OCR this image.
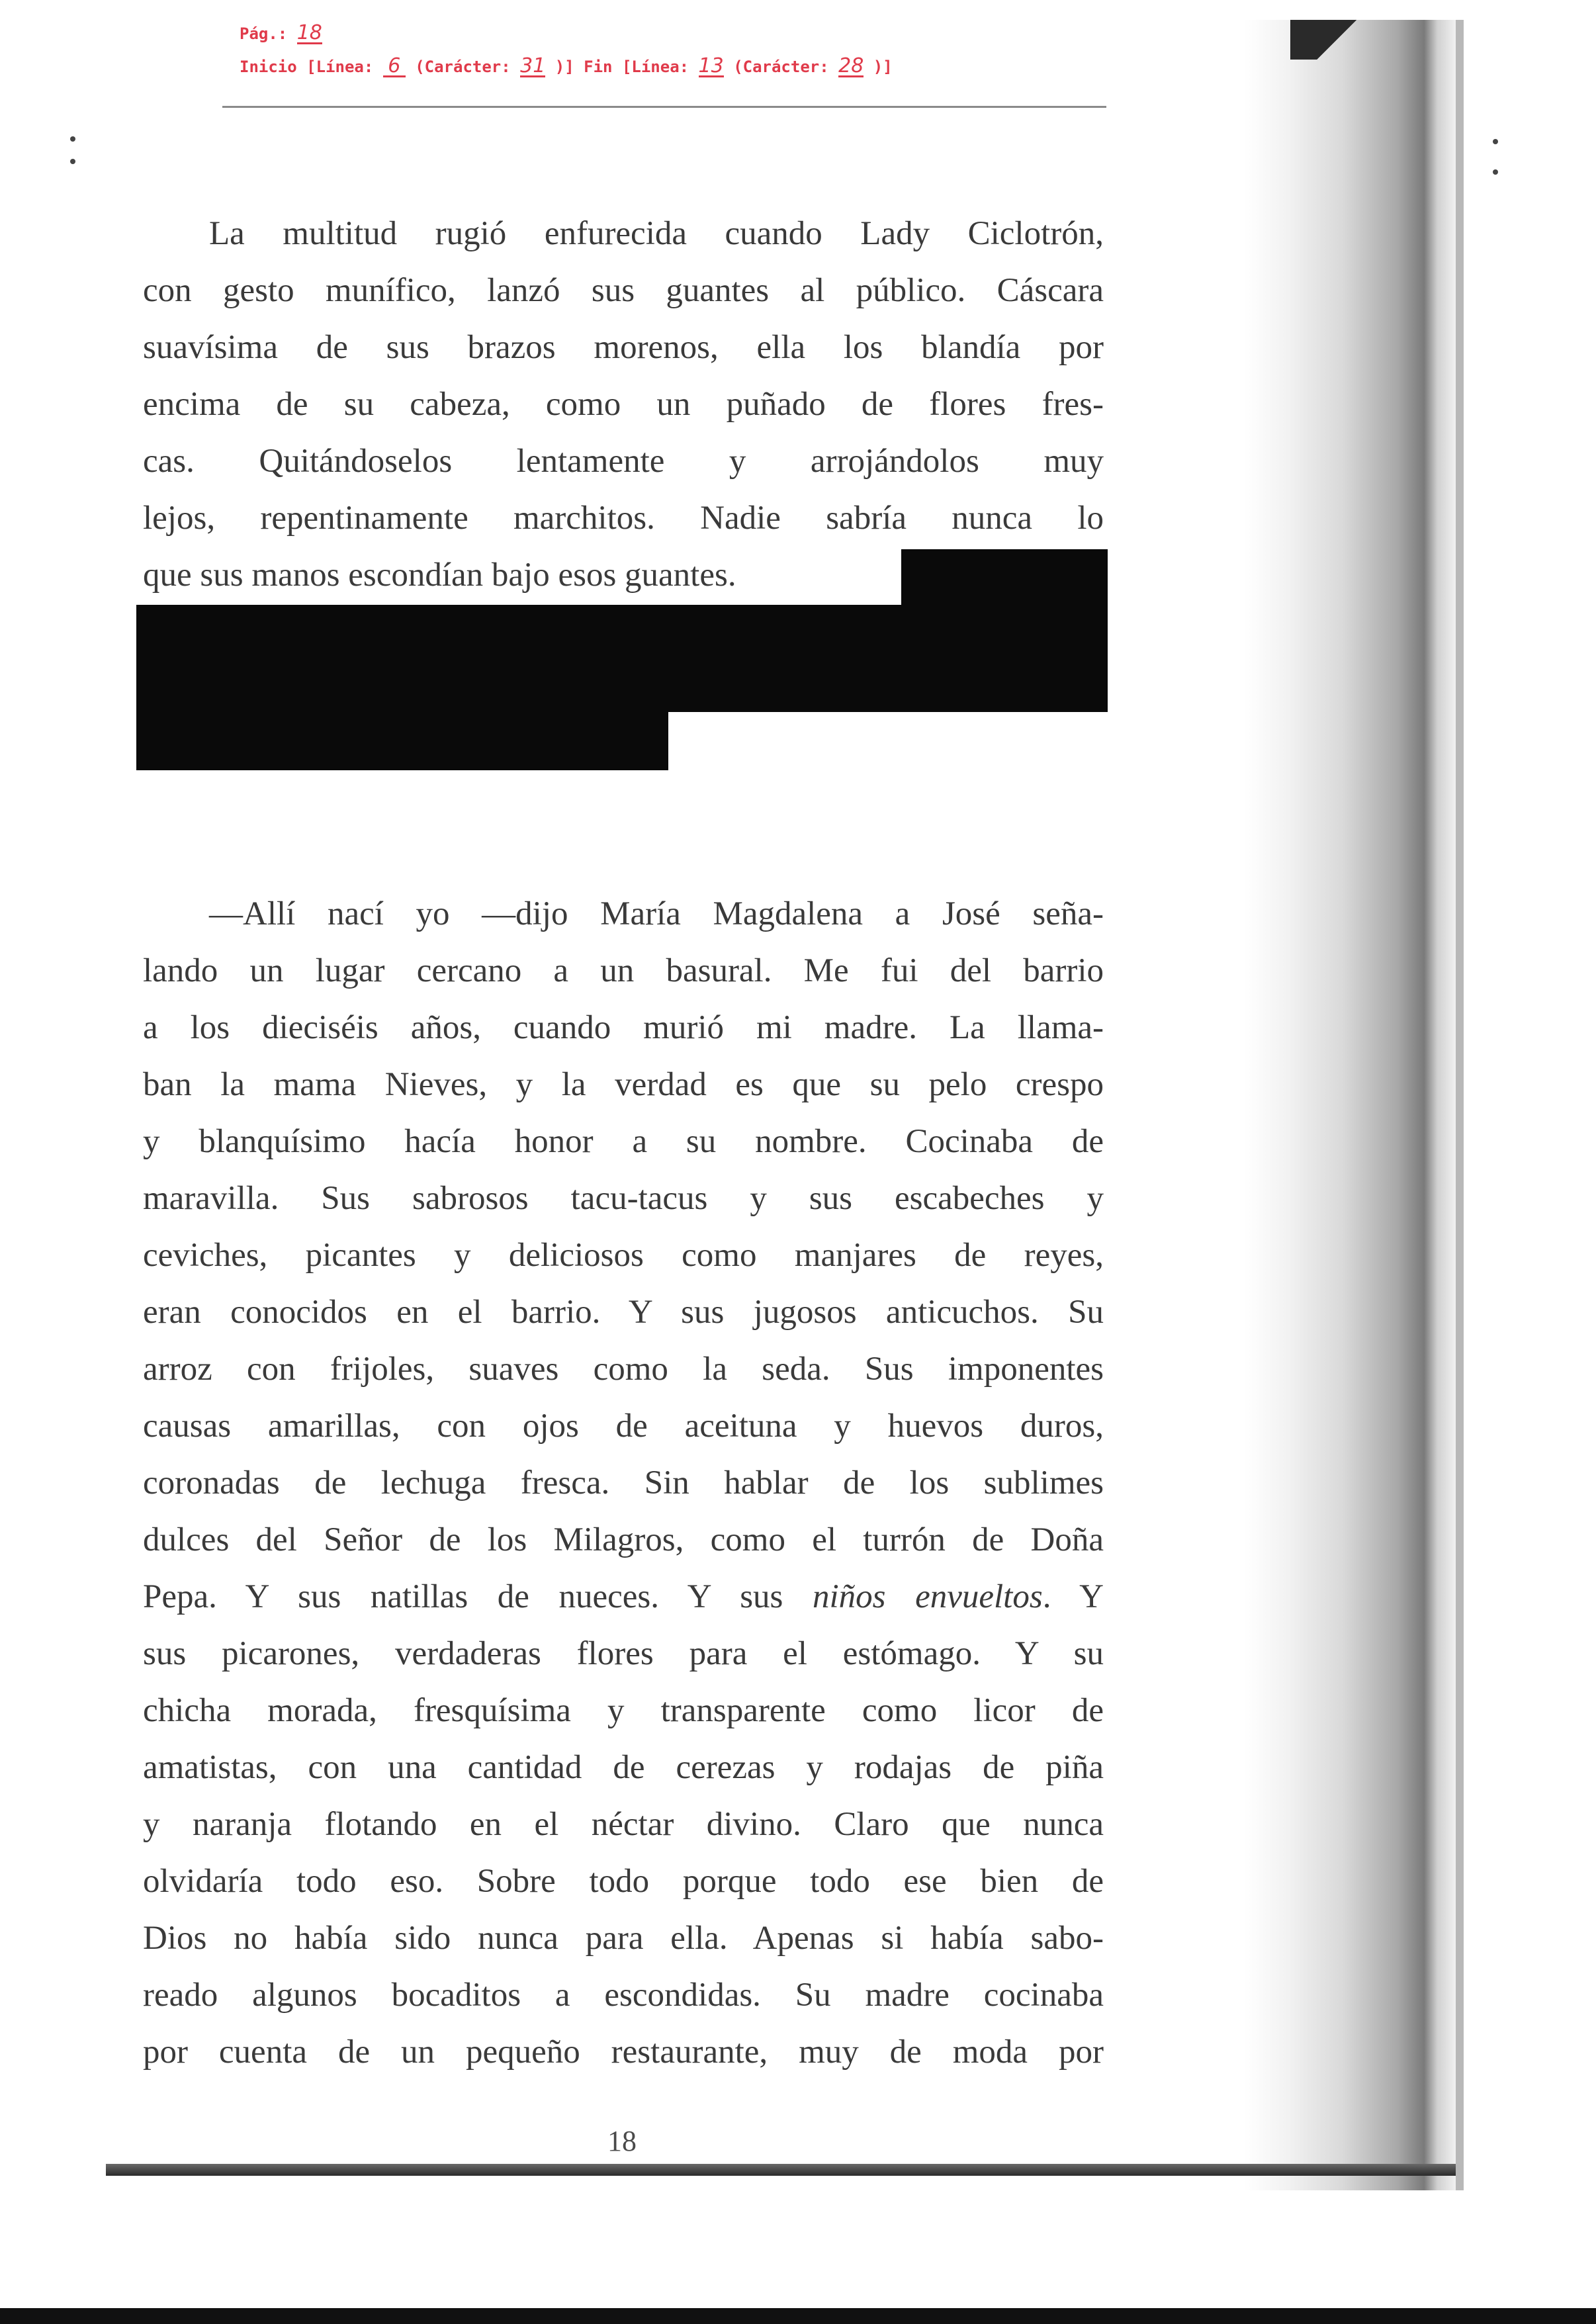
Pág.: 18
Inicio [Línea: 6 (Carácter: 31 )] Fin [Línea: 13 (Carácter: 28 )]
La multitud rugió enfurecida cuando Lady Ciclotrón,
con gesto munífico, lanzó sus guantes al público. Cáscara
suavísima de sus brazos morenos, ella los blandía por
encima de su cabeza, como un puñado de flores fres-
cas. Quitándoselos lentamente y arrojándolos muy
lejos, repentinamente marchitos. Nadie sabría nunca lo
que sus manos escondían bajo esos guantes.
—Allí nací yo —dijo María Magdalena a José seña-
lando un lugar cercano a un basural. Me fui del barrio
a los dieciséis años, cuando murió mi madre. La llama-
ban la mama Nieves, y la verdad es que su pelo crespo
y blanquísimo hacía honor a su nombre. Cocinaba de
maravilla. Sus sabrosos tacu-tacus y sus escabeches y
ceviches, picantes y deliciosos como manjares de reyes,
eran conocidos en el barrio. Y sus jugosos anticuchos. Su
arroz con frijoles, suaves como la seda. Sus imponentes
causas amarillas, con ojos de aceituna y huevos duros,
coronadas de lechuga fresca. Sin hablar de los sublimes
dulces del Señor de los Milagros, como el turrón de Doña
Pepa. Y sus natillas de nueces. Y sus niños envueltos. Y
sus picarones, verdaderas flores para el estómago. Y su
chicha morada, fresquísima y transparente como licor de
amatistas, con una cantidad de cerezas y rodajas de piña
y naranja flotando en el néctar divino. Claro que nunca
olvidaría todo eso. Sobre todo porque todo ese bien de
Dios no había sido nunca para ella. Apenas si había sabo-
reado algunos bocaditos a escondidas. Su madre cocinaba
por cuenta de un pequeño restaurante, muy de moda por
18
